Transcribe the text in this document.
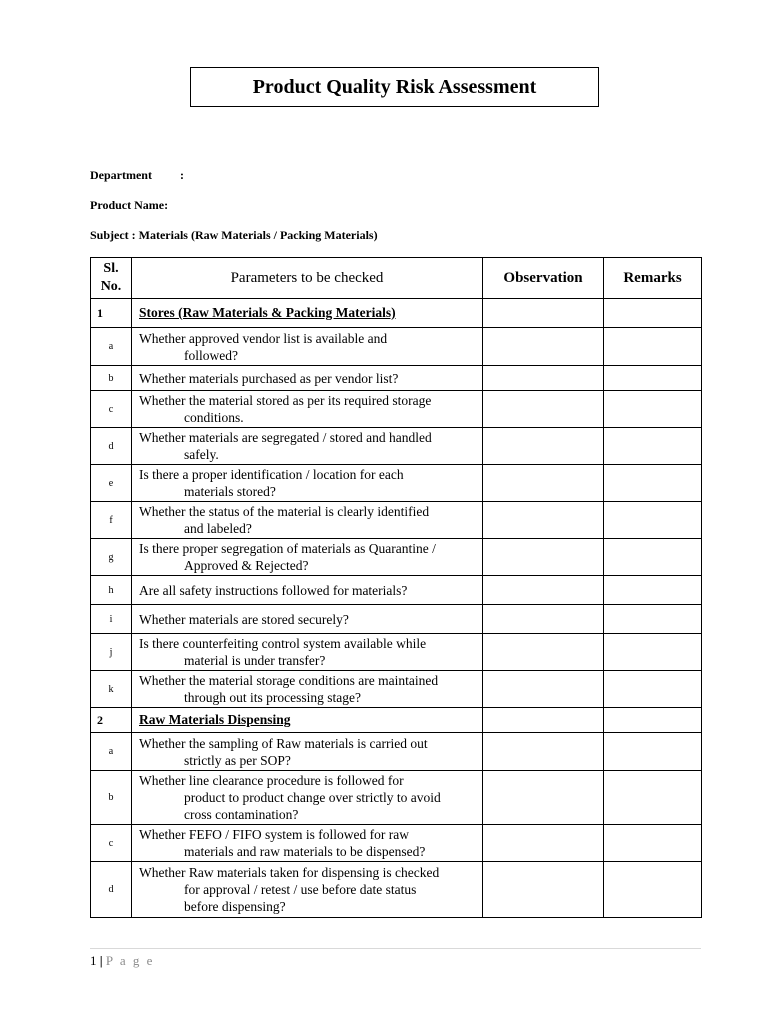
Product Quality Risk Assessment
Department :
Product Name:
Subject : Materials (Raw Materials / Packing Materials)
Sl.
No.	Parameters to be checked	Observation	Remarks
1	Stores (Raw Materials & Packing Materials)		
a	Whether approved vendor list is available and
followed?		

b	Whether materials purchased as per vendor list?		

c	Whether the material stored as per its required storage
conditions.		

d	Whether materials are segregated / stored and handled
safely.		

e	Is there a proper identification / location for each
materials stored?		

f	Whether the status of the material is clearly identified
and labeled?		

g	Is there proper segregation of materials as Quarantine /
Approved & Rejected?		

h	Are all safety instructions followed for materials?		

i	Whether materials are stored securely?		

j	Is there counterfeiting control system available while
material is under transfer?		

k	Whether the material storage conditions are maintained
through out its processing stage?		

2	Raw Materials Dispensing		
a	Whether the sampling of Raw materials is carried out
strictly as per SOP?		

b	Whether line clearance procedure is followed for
product to product change over strictly to avoid
cross contamination?		

c	Whether FEFO / FIFO system is followed for raw
materials and raw materials to be dispensed?		

d	Whether Raw materials taken for dispensing is checked
for approval / retest / use before date status
before dispensing?		

1 | P a g e
